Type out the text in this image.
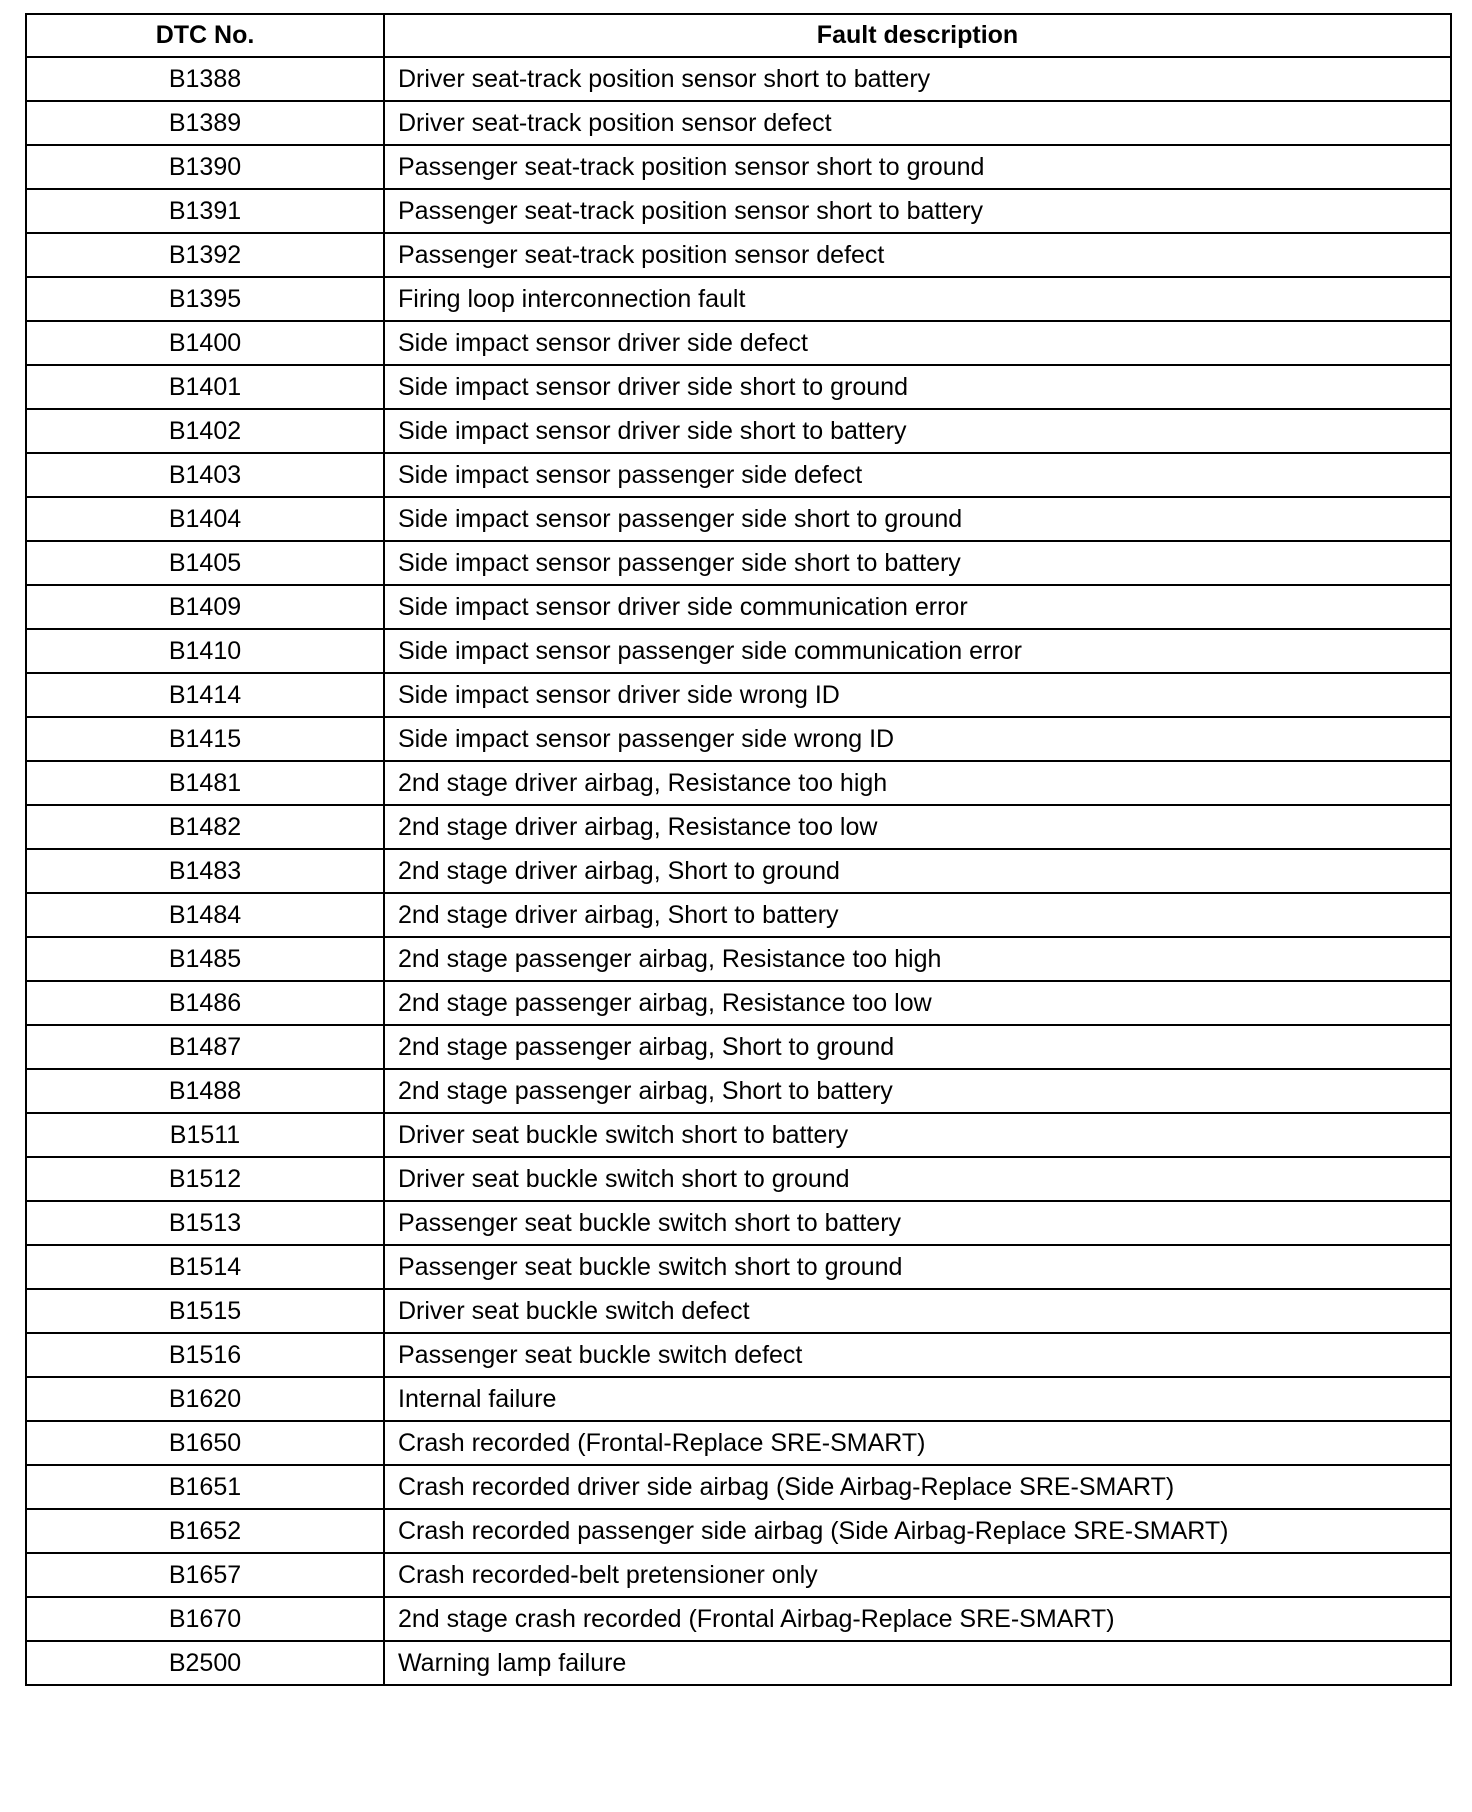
DTC No.	Fault description
B1388	Driver seat-track position sensor short to battery
B1389	Driver seat-track position sensor defect
B1390	Passenger seat-track position sensor short to ground
B1391	Passenger seat-track position sensor short to battery
B1392	Passenger seat-track position sensor defect
B1395	Firing loop interconnection fault
B1400	Side impact sensor driver side defect
B1401	Side impact sensor driver side short to ground
B1402	Side impact sensor driver side short to battery
B1403	Side impact sensor passenger side defect
B1404	Side impact sensor passenger side short to ground
B1405	Side impact sensor passenger side short to battery
B1409	Side impact sensor driver side communication error
B1410	Side impact sensor passenger side communication error
B1414	Side impact sensor driver side wrong ID
B1415	Side impact sensor passenger side wrong ID
B1481	2nd stage driver airbag, Resistance too high
B1482	2nd stage driver airbag, Resistance too low
B1483	2nd stage driver airbag, Short to ground
B1484	2nd stage driver airbag, Short to battery
B1485	2nd stage passenger airbag, Resistance too high
B1486	2nd stage passenger airbag, Resistance too low
B1487	2nd stage passenger airbag, Short to ground
B1488	2nd stage passenger airbag, Short to battery
B1511	Driver seat buckle switch short to battery
B1512	Driver seat buckle switch short to ground
B1513	Passenger seat buckle switch short to battery
B1514	Passenger seat buckle switch short to ground
B1515	Driver seat buckle switch defect
B1516	Passenger seat buckle switch defect
B1620	Internal failure
B1650	Crash recorded (Frontal-Replace SRE-SMART)
B1651	Crash recorded driver side airbag (Side Airbag-Replace SRE-SMART)
B1652	Crash recorded passenger side airbag (Side Airbag-Replace SRE-SMART)
B1657	Crash recorded-belt pretensioner only
B1670	2nd stage crash recorded (Frontal Airbag-Replace SRE-SMART)
B2500	Warning lamp failure
